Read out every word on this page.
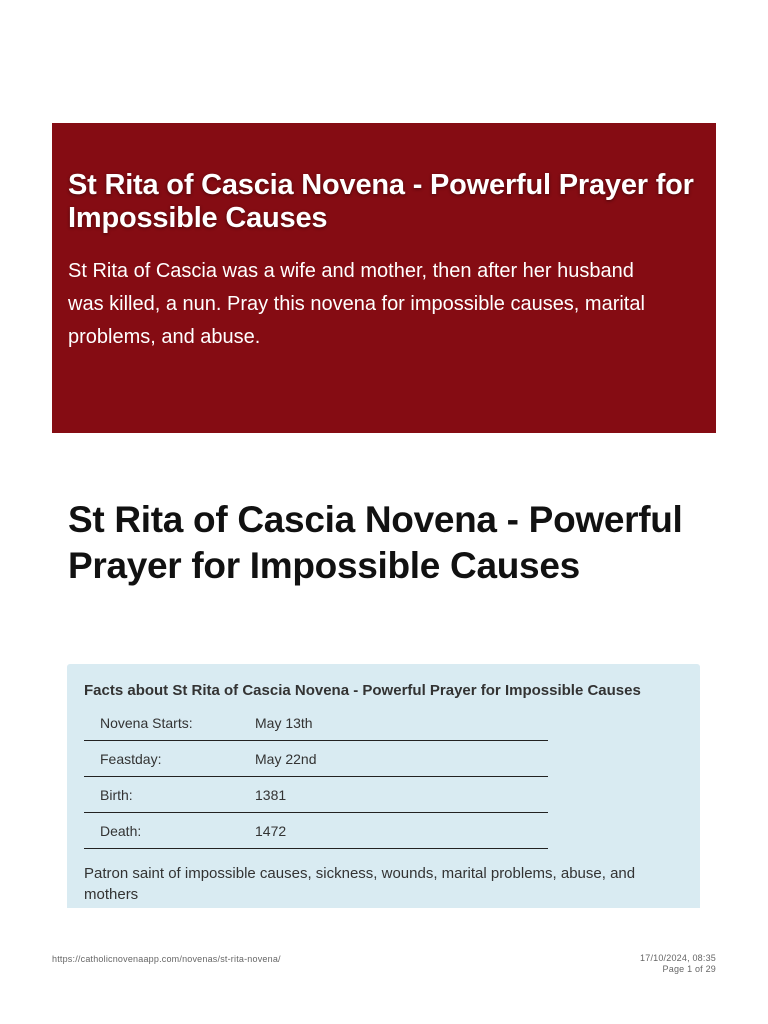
St Rita of Cascia Novena - Powerful Prayer for Impossible Causes

St Rita of Cascia was a wife and mother, then after her husband was killed, a nun. Pray this novena for impossible causes, marital problems, and abuse.

St Rita of Cascia Novena - Powerful Prayer for Impossible Causes
Facts about St Rita of Cascia Novena - Powerful Prayer for Impossible Causes
Novena Starts:	May 13th
Feastday:	May 22nd
Birth:	1381
Death:	1472

Patron saint of impossible causes, sickness, wounds, marital problems, abuse, and mothers

https://catholicnovenaapp.com/novenas/st-rita-novena/	17/10/2024, 08:35
Page 1 of 29
